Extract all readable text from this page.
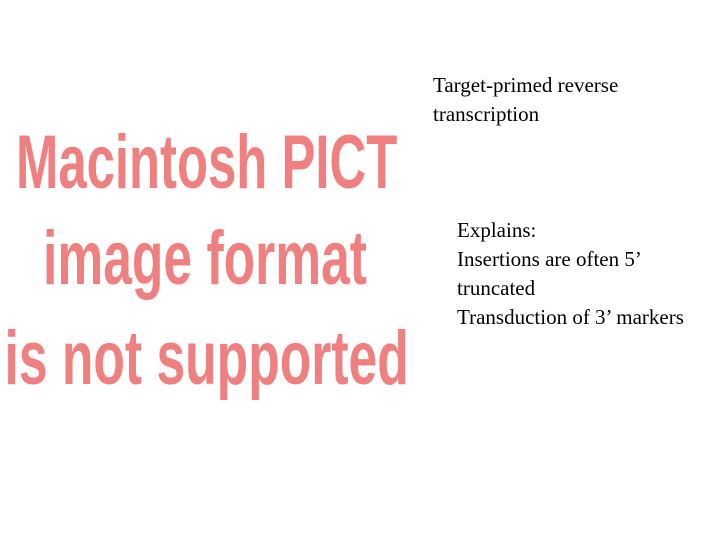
Macintosh PICT
image format
is not supported
Target-primed reverse transcription
Explains:
Insertions are often 5’ truncated
Transduction of 3’ markers
